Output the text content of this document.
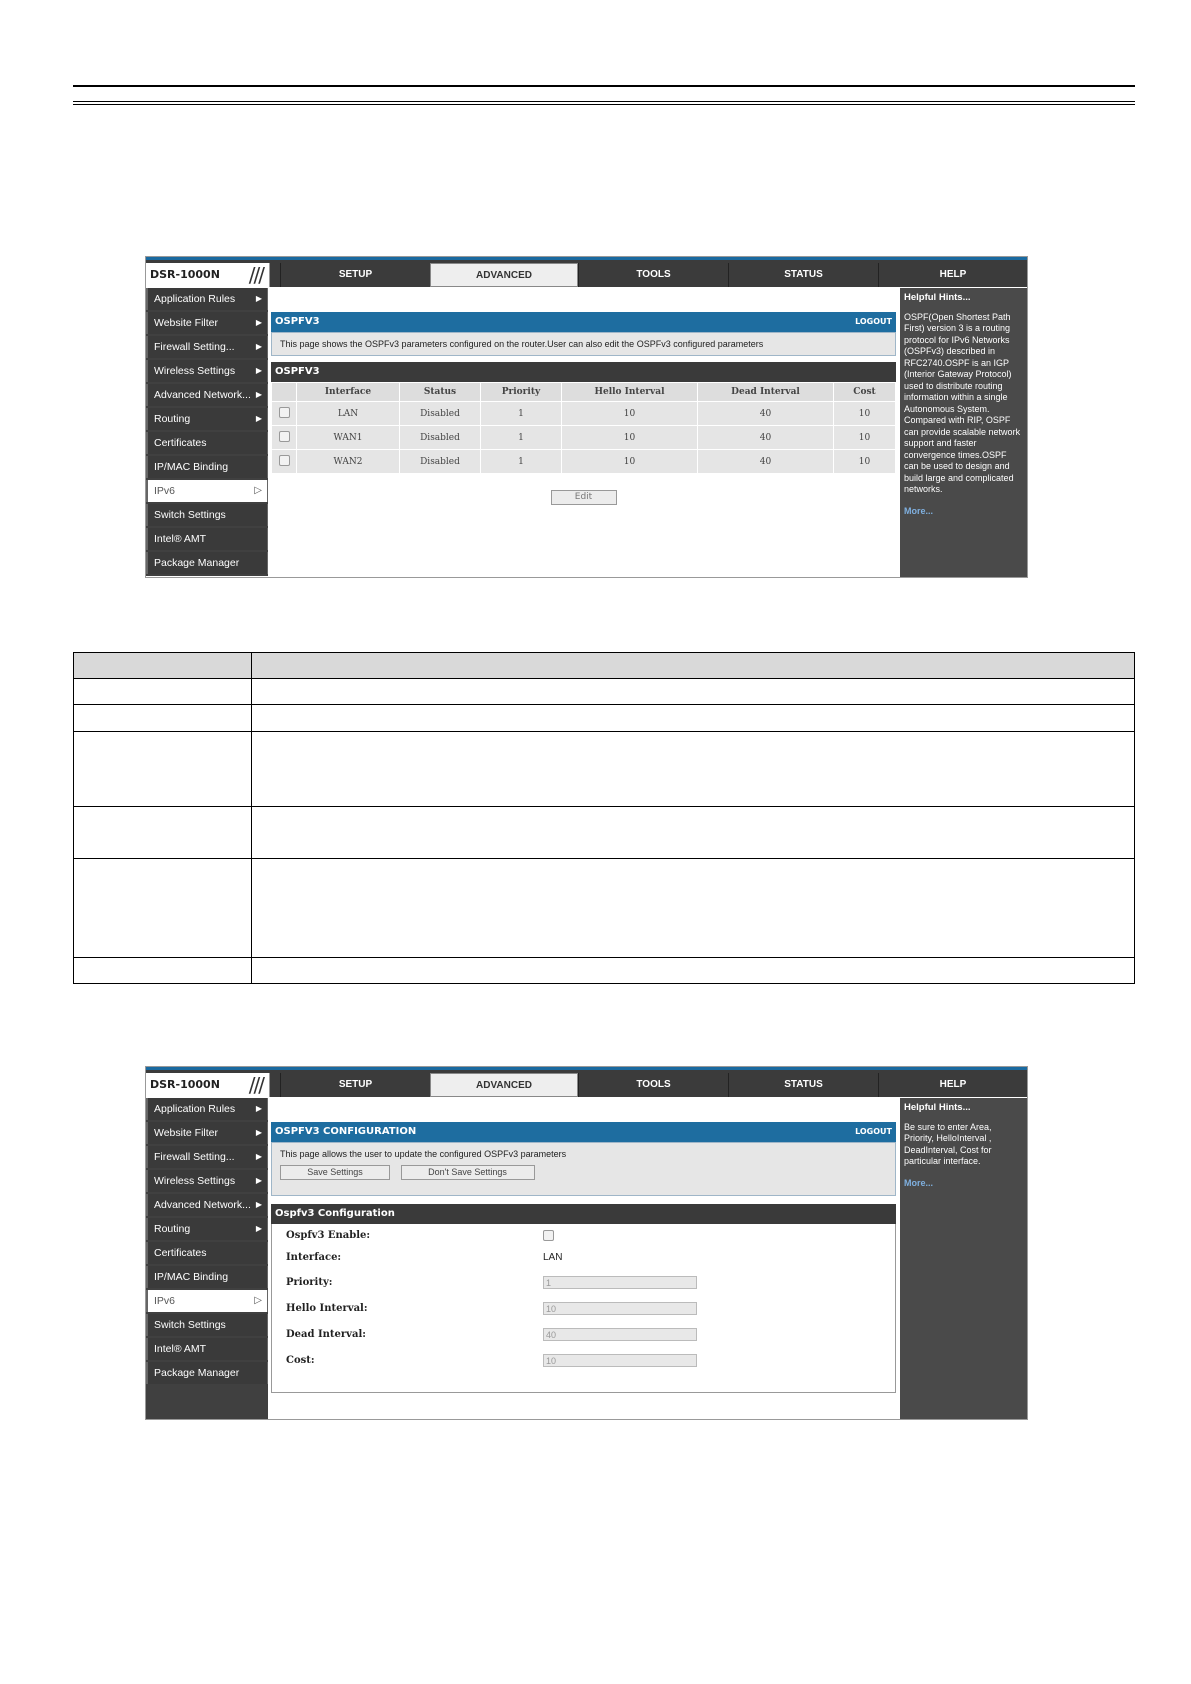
DSR-1000N ///	SETUP	ADVANCED	TOOLS	STATUS	HELP
Application Rules	▶
Website Filter	▶
Firewall Setting...	▶
Wireless Settings	▶
Advanced Network... ▶
Routing	▶
Certificates
IP/MAC Binding
IPv6	▷
Switch Settings
Intel® AMT
Package Manager
OSPFV3	LOGOUT
This page shows the OSPFv3 parameters configured on the router.User can also edit the OSPFv3 configured parameters
OSPFV3
	Interface	Status	Priority	Hello Interval	Dead Interval	Cost
	LAN	Disabled	1	10	40	10
	WAN1	Disabled	1	10	40	10
	WAN2	Disabled	1	10	40	10
Edit
Helpful Hints...
OSPF(Open Shortest Path First) version 3 is a routing protocol for IPv6 Networks (OSPFv3) described in RFC2740.OSPF is an IGP (Interior Gateway Protocol) used to distribute routing information within a single Autonomous System. Compared with RIP, OSPF can provide scalable network support and faster convergence times.OSPF can be used to design and build large and complicated networks.
More...

DSR-1000N ///	SETUP	ADVANCED	TOOLS	STATUS	HELP
Application Rules	▶
Website Filter	▶
Firewall Setting...	▶
Wireless Settings	▶
Advanced Network... ▶
Routing	▶
Certificates
IP/MAC Binding
IPv6	▷
Switch Settings
Intel® AMT
Package Manager
OSPFV3 CONFIGURATION	LOGOUT
This page allows the user to update the configured OSPFv3 parameters
Save Settings	Don't Save Settings
Ospfv3 Configuration
Ospfv3 Enable:
Interface:	LAN
Priority:	1
Hello Interval:	10
Dead Interval:	40
Cost:	10
Helpful Hints...
Be sure to enter Area, Priority, HelloInterval , DeadInterval, Cost for particular interface.
More...
